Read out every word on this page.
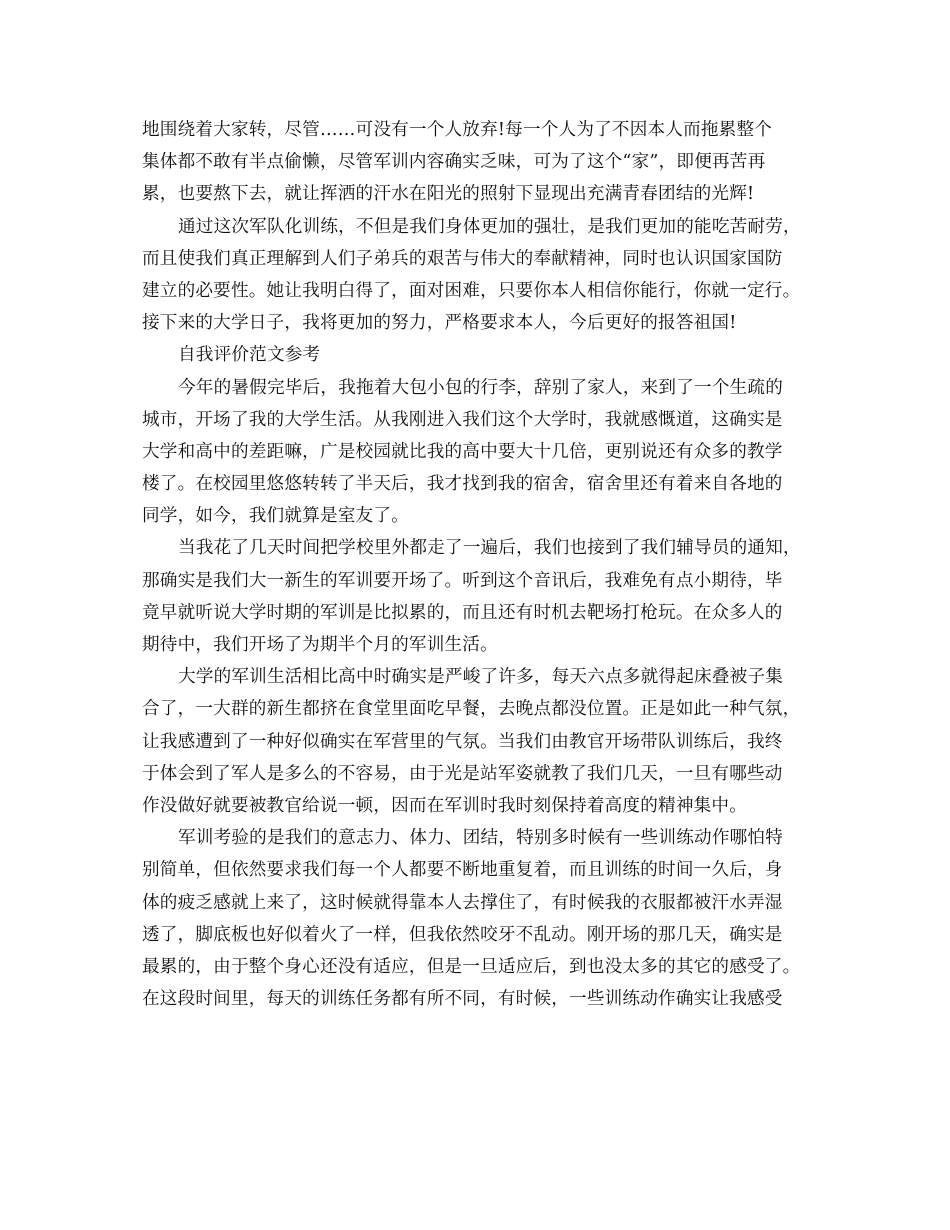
地围绕着大家转，尽管……可没有一个人放弃!每一个人为了不因本人而拖累整个
集体都不敢有半点偷懒，尽管军训内容确实乏味，可为了这个“家”，即便再苦再
累，也要熬下去，就让挥洒的汗水在阳光的照射下显现出充满青春团结的光辉!
通过这次军队化训练，不但是我们身体更加的强壮，是我们更加的能吃苦耐劳，
而且使我们真正理解到人们子弟兵的艰苦与伟大的奉献精神，同时也认识国家国防
建立的必要性。她让我明白得了，面对困难，只要你本人相信你能行，你就一定行。
接下来的大学日子，我将更加的努力，严格要求本人，今后更好的报答祖国!
自我评价范文参考
今年的暑假完毕后，我拖着大包小包的行李，辞别了家人，来到了一个生疏的
城市，开场了我的大学生活。从我刚进入我们这个大学时，我就感慨道，这确实是
大学和高中的差距嘛，广是校园就比我的高中要大十几倍，更别说还有众多的教学
楼了。在校园里悠悠转转了半天后，我才找到我的宿舍，宿舍里还有着来自各地的
同学，如今，我们就算是室友了。
当我花了几天时间把学校里外都走了一遍后，我们也接到了我们辅导员的通知，
那确实是我们大一新生的军训要开场了。听到这个音讯后，我难免有点小期待，毕
竟早就听说大学时期的军训是比拟累的，而且还有时机去靶场打枪玩。在众多人的
期待中，我们开场了为期半个月的军训生活。
大学的军训生活相比高中时确实是严峻了许多，每天六点多就得起床叠被子集
合了，一大群的新生都挤在食堂里面吃早餐，去晚点都没位置。正是如此一种气氛，
让我感遭到了一种好似确实在军营里的气氛。当我们由教官开场带队训练后，我终
于体会到了军人是多么的不容易，由于光是站军姿就教了我们几天，一旦有哪些动
作没做好就要被教官给说一顿，因而在军训时我时刻保持着高度的精神集中。
军训考验的是我们的意志力、体力、团结，特别多时候有一些训练动作哪怕特
别简单，但依然要求我们每一个人都要不断地重复着，而且训练的时间一久后，身
体的疲乏感就上来了，这时候就得靠本人去撑住了，有时候我的衣服都被汗水弄湿
透了，脚底板也好似着火了一样，但我依然咬牙不乱动。刚开场的那几天，确实是
最累的，由于整个身心还没有适应，但是一旦适应后，到也没太多的其它的感受了。
在这段时间里，每天的训练任务都有所不同，有时候，一些训练动作确实让我感受
